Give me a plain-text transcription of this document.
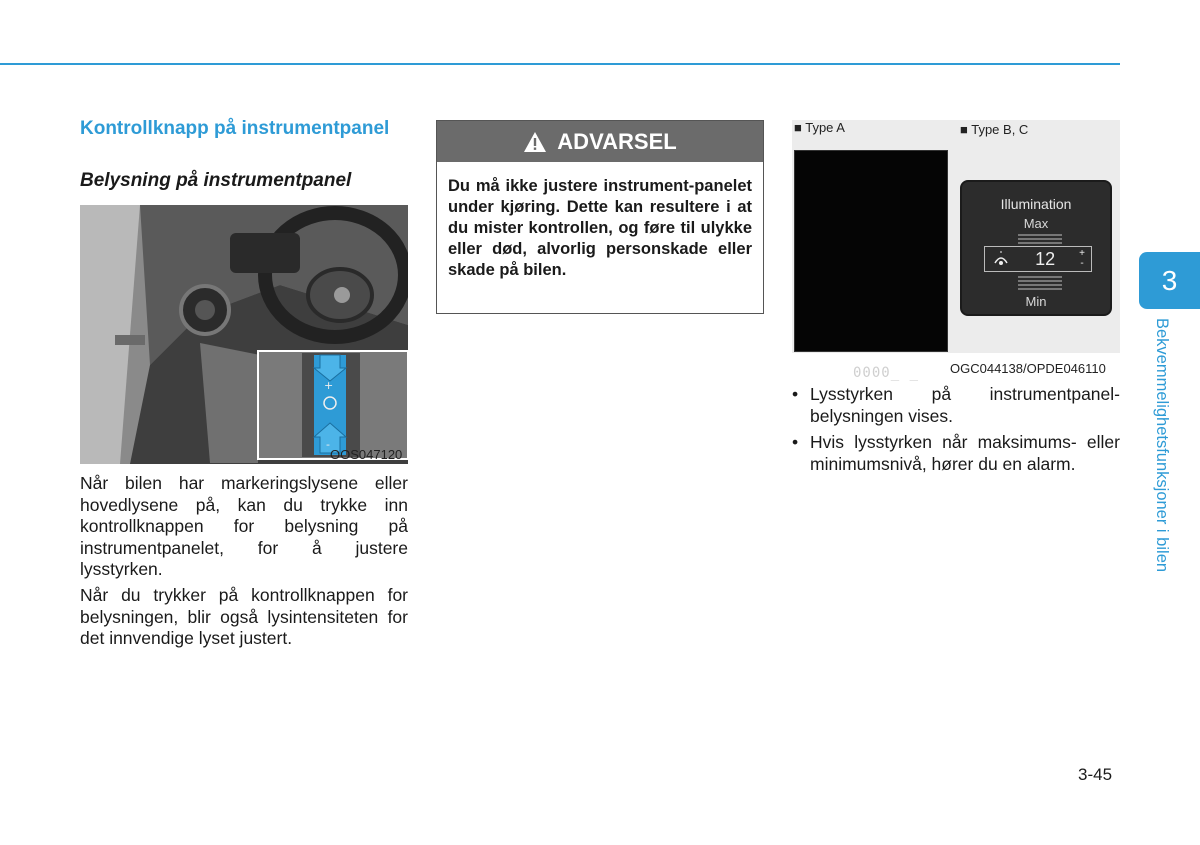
3
Bekvemmelighetsfunksjoner i bilen
Kontrollknapp på instrumentpanel
Belysning på instrumentpanel
+
-
OOS047120
Når bilen har markeringslysene eller hovedlysene på, kan du trykke inn kontrollknappen for belysning på instrumentpanelet, for å justere lysstyrken.
Når du trykker på kontrollknappen for belysningen, blir også lysintensiteten for det innvendige lyset justert.
ADVARSEL
Du må ikke justere instrument-panelet under kjøring. Dette kan resultere i at du mister kontrollen, og føre til ulykke eller død, alvorlig personskade eller skade på bilen.
■ Type A	■ Type B, C
0000_ _
Illumination
Max
12 +
-
Min
OGC044138/OPDE046110
• Lysstyrken på instrumentpanel-belysningen vises.
• Hvis lysstyrken når maksimums- eller minimumsnivå, hører du en alarm.
3-45
